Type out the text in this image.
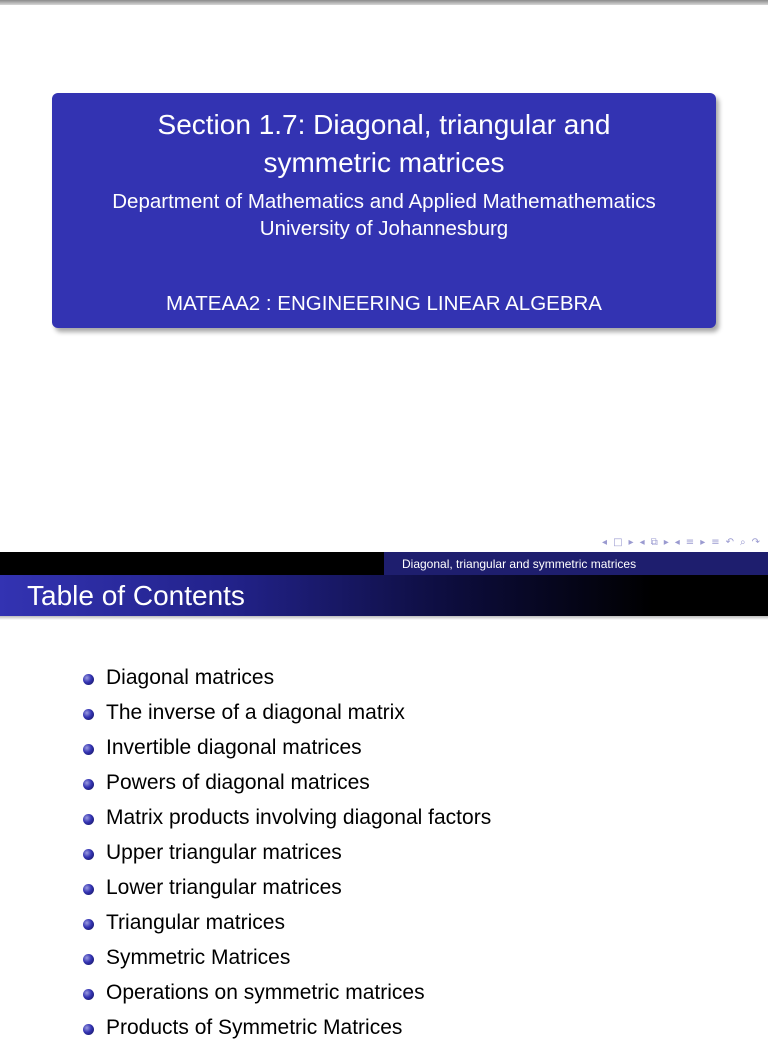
Section 1.7: Diagonal, triangular and
symmetric matrices
Department of Mathematics and Applied Mathemathematics
University of Johannesburg
MATEAA2 : ENGINEERING LINEAR ALGEBRA
◂ □ ▸ ◂ ⧉ ▸ ◂ ≡ ▸ ≡ ↶ ⌕ ↷
Diagonal, triangular and symmetric matrices
Table of Contents
Diagonal matrices
The inverse of a diagonal matrix
Invertible diagonal matrices
Powers of diagonal matrices
Matrix products involving diagonal factors
Upper triangular matrices
Lower triangular matrices
Triangular matrices
Symmetric Matrices
Operations on symmetric matrices
Products of Symmetric Matrices
